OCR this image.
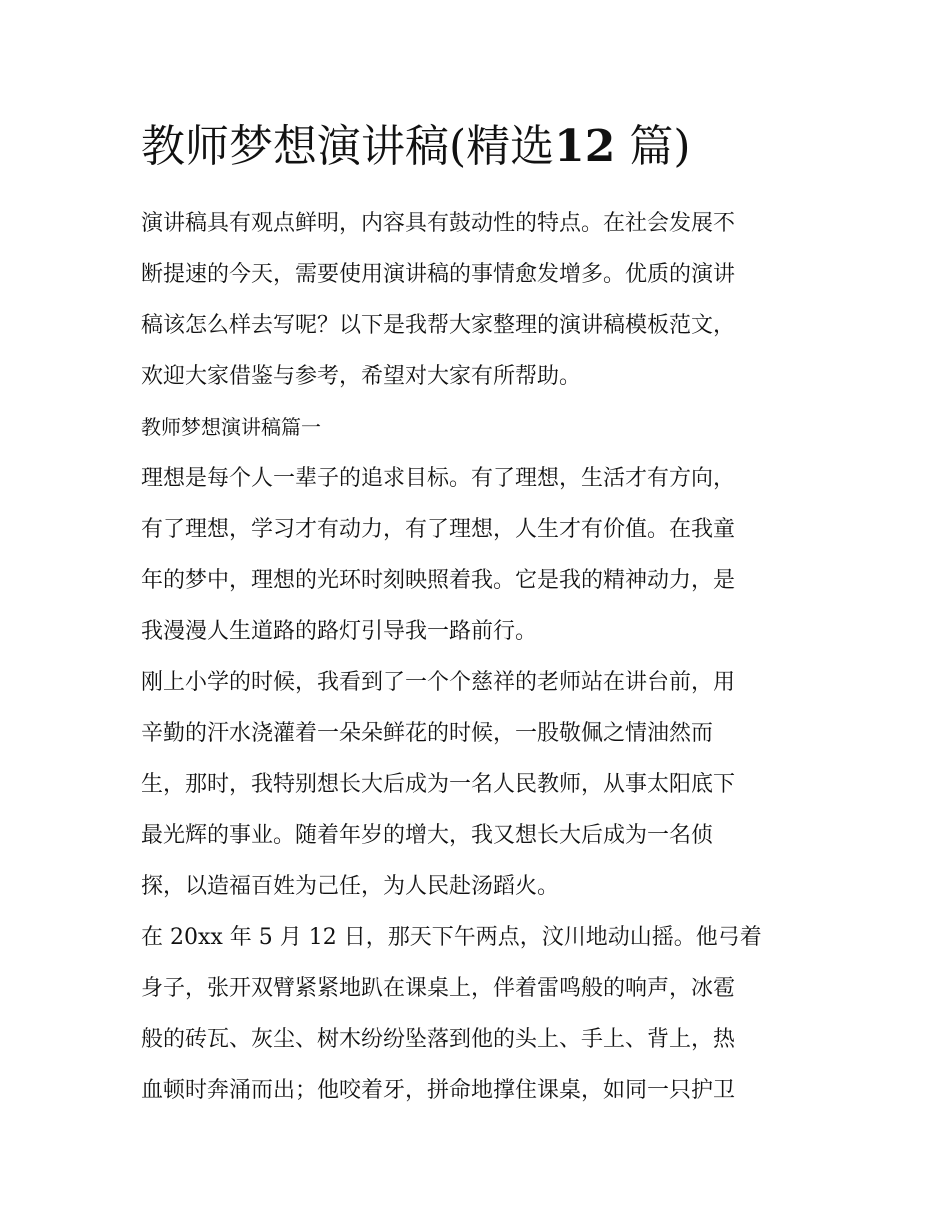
教师梦想演讲稿(精选12 篇)
演讲稿具有观点鲜明，内容具有鼓动性的特点。在社会发展不
断提速的今天，需要使用演讲稿的事情愈发增多。优质的演讲
稿该怎么样去写呢？以下是我帮大家整理的演讲稿模板范文，
欢迎大家借鉴与参考，希望对大家有所帮助。
教师梦想演讲稿篇一
理想是每个人一辈子的追求目标。有了理想，生活才有方向，
有了理想，学习才有动力，有了理想，人生才有价值。在我童
年的梦中，理想的光环时刻映照着我。它是我的精神动力，是
我漫漫人生道路的路灯引导我一路前行。
刚上小学的时候，我看到了一个个慈祥的老师站在讲台前，用
辛勤的汗水浇灌着一朵朵鲜花的时候，一股敬佩之情油然而
生，那时，我特别想长大后成为一名人民教师，从事太阳底下
最光辉的事业。随着年岁的增大，我又想长大后成为一名侦
探，以造福百姓为己任，为人民赴汤蹈火。
在 20xx 年 5 月 12 日，那天下午两点，汶川地动山摇。他弓着
身子，张开双臂紧紧地趴在课桌上，伴着雷鸣般的响声，冰雹
般的砖瓦、灰尘、树木纷纷坠落到他的头上、手上、背上，热
血顿时奔涌而出；他咬着牙，拼命地撑住课桌，如同一只护卫
